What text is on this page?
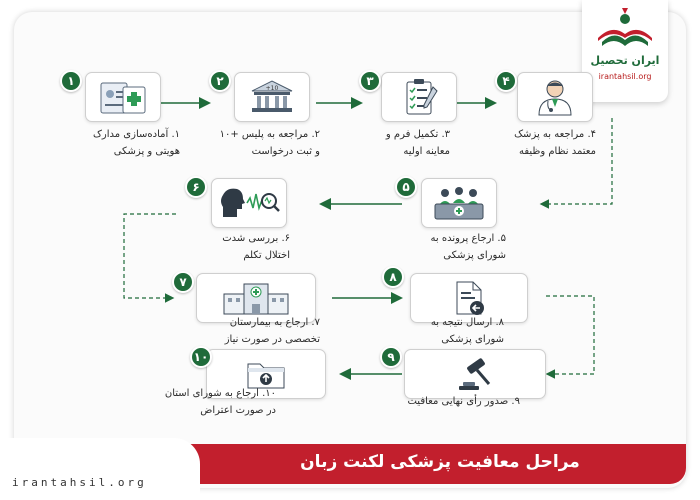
ایران تحصیل
irantahsil.org
۱
۱. آماده‌سازی مدارک
هویتی و پزشکی
+10
۲
۲. مراجعه به پلیس +۱۰
و ثبت درخواست
۳
۳. تکمیل فرم و
معاینه اولیه
۴
۴. مراجعه به پزشک
معتمد نظام وظیفه
۵
۵. ارجاع پرونده به
شورای پزشکی
۶
۶. بررسی شدت
اختلال تکلم
۷
۷. ارجاع به بیمارستان
تخصصی در صورت نیاز
۸
۸. ارسال نتیجه به
شورای پزشکی
۹
۹. صدور رأی نهایی معافیت
۱۰
۱۰. ارجاع به شورای استان
در صورت اعتراض
مراحل معافیت پزشکی لکنت زبان
irantahsil.org
